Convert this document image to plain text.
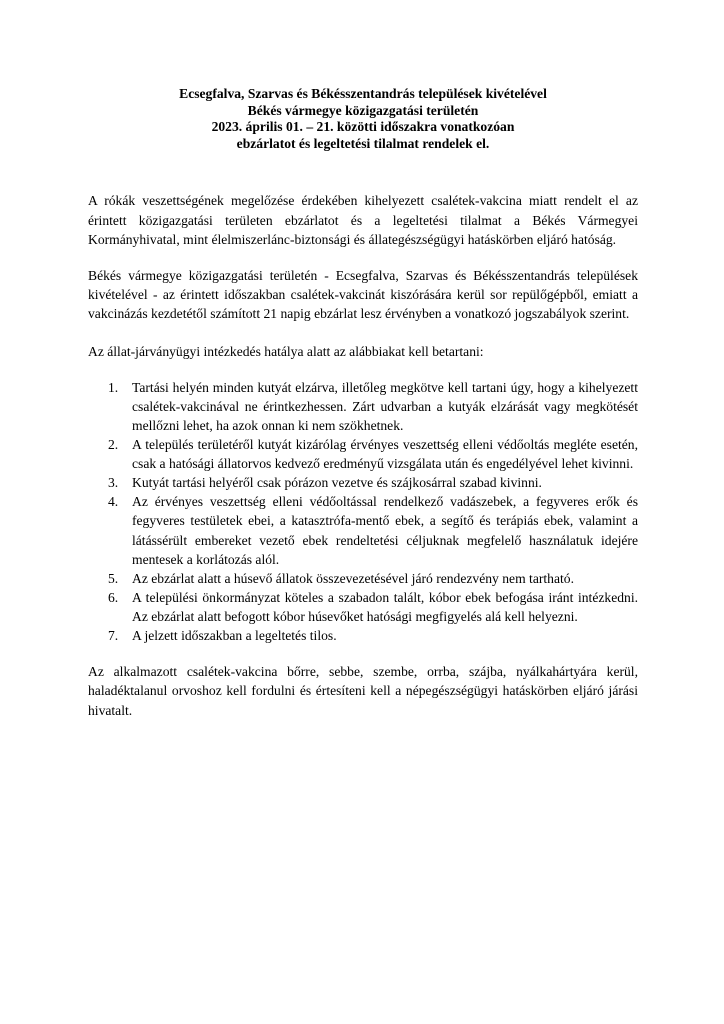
Ecsegfalva, Szarvas és Békésszentandrás települések kivételével
Békés vármegye közigazgatási területén
2023. április 01. – 21. közötti időszakra vonatkozóan
ebzárlatot és legeltetési tilalmat rendelek el.

A rókák veszettségének megelőzése érdekében kihelyezett csalétek-vakcina miatt rendelt el az érintett közigazgatási területen ebzárlatot és a legeltetési tilalmat a Békés Vármegyei Kormányhivatal, mint élelmiszerlánc-biztonsági és állategészségügyi hatáskörben eljáró hatóság.

Békés vármegye közigazgatási területén - Ecsegfalva, Szarvas és Békésszentandrás települések kivételével - az érintett időszakban csalétek-vakcinát kiszórására kerül sor repülőgépből, emiatt a vakcinázás kezdetétől számított 21 napig ebzárlat lesz érvényben a vonatkozó jogszabályok szerint.

Az állat-járványügyi intézkedés hatálya alatt az alábbiakat kell betartani:

1. Tartási helyén minden kutyát elzárva, illetőleg megkötve kell tartani úgy, hogy a kihelyezett csalétek-vakcinával ne érintkezhessen. Zárt udvarban a kutyák elzárását vagy megkötését mellőzni lehet, ha azok onnan ki nem szökhetnek.
2. A település területéről kutyát kizárólag érvényes veszettség elleni védőoltás megléte esetén, csak a hatósági állatorvos kedvező eredményű vizsgálata után és engedélyével lehet kivinni.
3. Kutyát tartási helyéről csak pórázon vezetve és szájkosárral szabad kivinni.
4. Az érvényes veszettség elleni védőoltással rendelkező vadászebek, a fegyveres erők és fegyveres testületek ebei, a katasztrófa-mentő ebek, a segítő és terápiás ebek, valamint a látássérült embereket vezető ebek rendeltetési céljuknak megfelelő használatuk idejére mentesek a korlátozás alól.
5. Az ebzárlat alatt a húsevő állatok összevezetésével járó rendezvény nem tartható.
6. A települési önkormányzat köteles a szabadon talált, kóbor ebek befogása iránt intézkedni. Az ebzárlat alatt befogott kóbor húsevőket hatósági megfigyelés alá kell helyezni.
7. A jelzett időszakban a legeltetés tilos.

Az alkalmazott csalétek-vakcina bőrre, sebbe, szembe, orrba, szájba, nyálkahártyára kerül, haladéktalanul orvoshoz kell fordulni és értesíteni kell a népegészségügyi hatáskörben eljáró járási hivatalt.
